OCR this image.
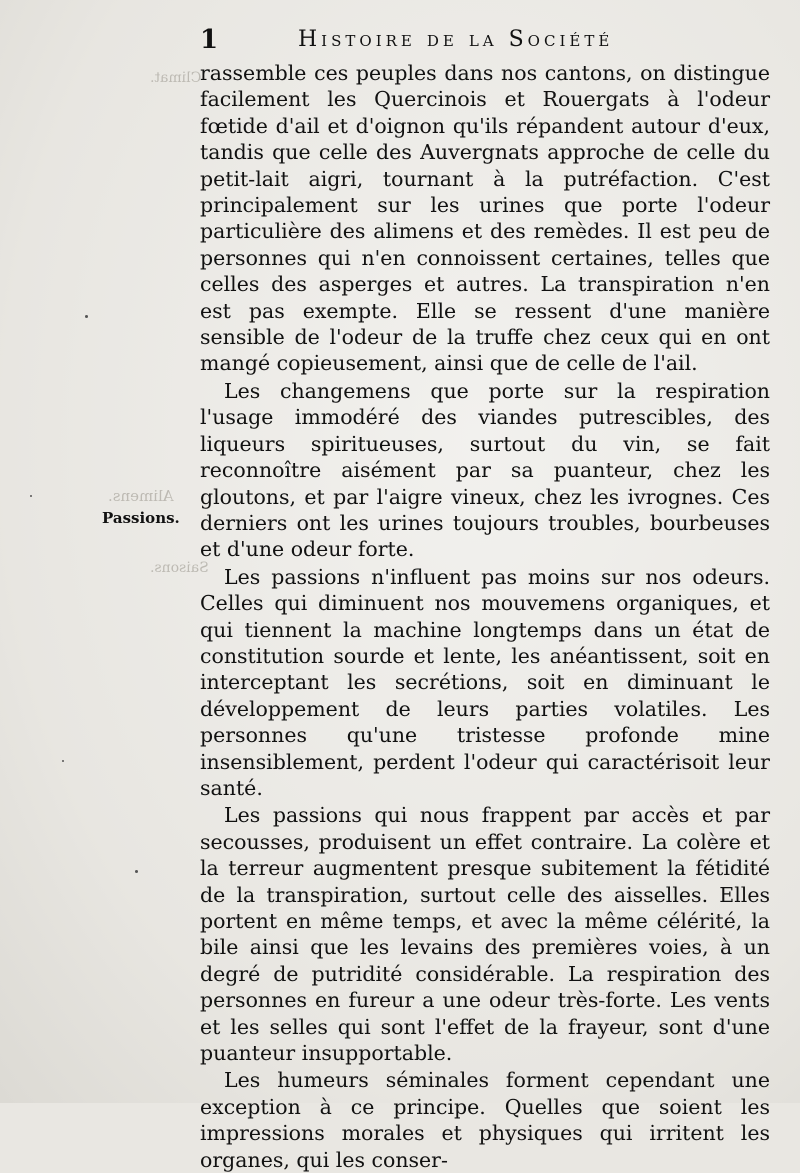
Climat.
Alimens.
Saisons.
1	Histoire de la Société
Passions.

rassemble ces peuples dans nos cantons, on distingue facilement les Quercinois et Rouergats à l'odeur fœtide d'ail et d'oignon qu'ils répandent autour d'eux, tandis que celle des Auvergnats approche de celle du petit-lait aigri, tournant à la putréfaction. C'est principalement sur les urines que porte l'odeur particulière des alimens et des remèdes. Il est peu de personnes qui n'en connoissent certaines, telles que celles des asperges et autres. La transpiration n'en est pas exempte. Elle se ressent d'une manière sensible de l'odeur de la truffe chez ceux qui en ont mangé copieusement, ainsi que de celle de l'ail.

Les changemens que porte sur la respiration l'usage immodéré des viandes putrescibles, des liqueurs spiritueuses, surtout du vin, se fait reconnoître aisément par sa puanteur, chez les gloutons, et par l'aigre vineux, chez les ivrognes. Ces derniers ont les urines toujours troubles, bourbeuses et d'une odeur forte.

Les passions n'influent pas moins sur nos odeurs. Celles qui diminuent nos mouvemens organiques, et qui tiennent la machine longtemps dans un état de constitution sourde et lente, les anéantissent, soit en interceptant les secrétions, soit en diminuant le développement de leurs parties volatiles. Les personnes qu'une tristesse profonde mine insensiblement, perdent l'odeur qui caractérisoit leur santé.

Les passions qui nous frappent par accès et par secousses, produisent un effet contraire. La colère et la terreur augmentent presque subitement la fétidité de la transpiration, surtout celle des aisselles. Elles portent en même temps, et avec la même célérité, la bile ainsi que les levains des premières voies, à un degré de putridité considérable. La respiration des personnes en fureur a une odeur très-forte. Les vents et les selles qui sont l'effet de la frayeur, sont d'une puanteur insupportable.

Les humeurs séminales forment cependant une exception à ce principe. Quelles que soient les impressions morales et physiques qui irritent les organes, qui les conser-
